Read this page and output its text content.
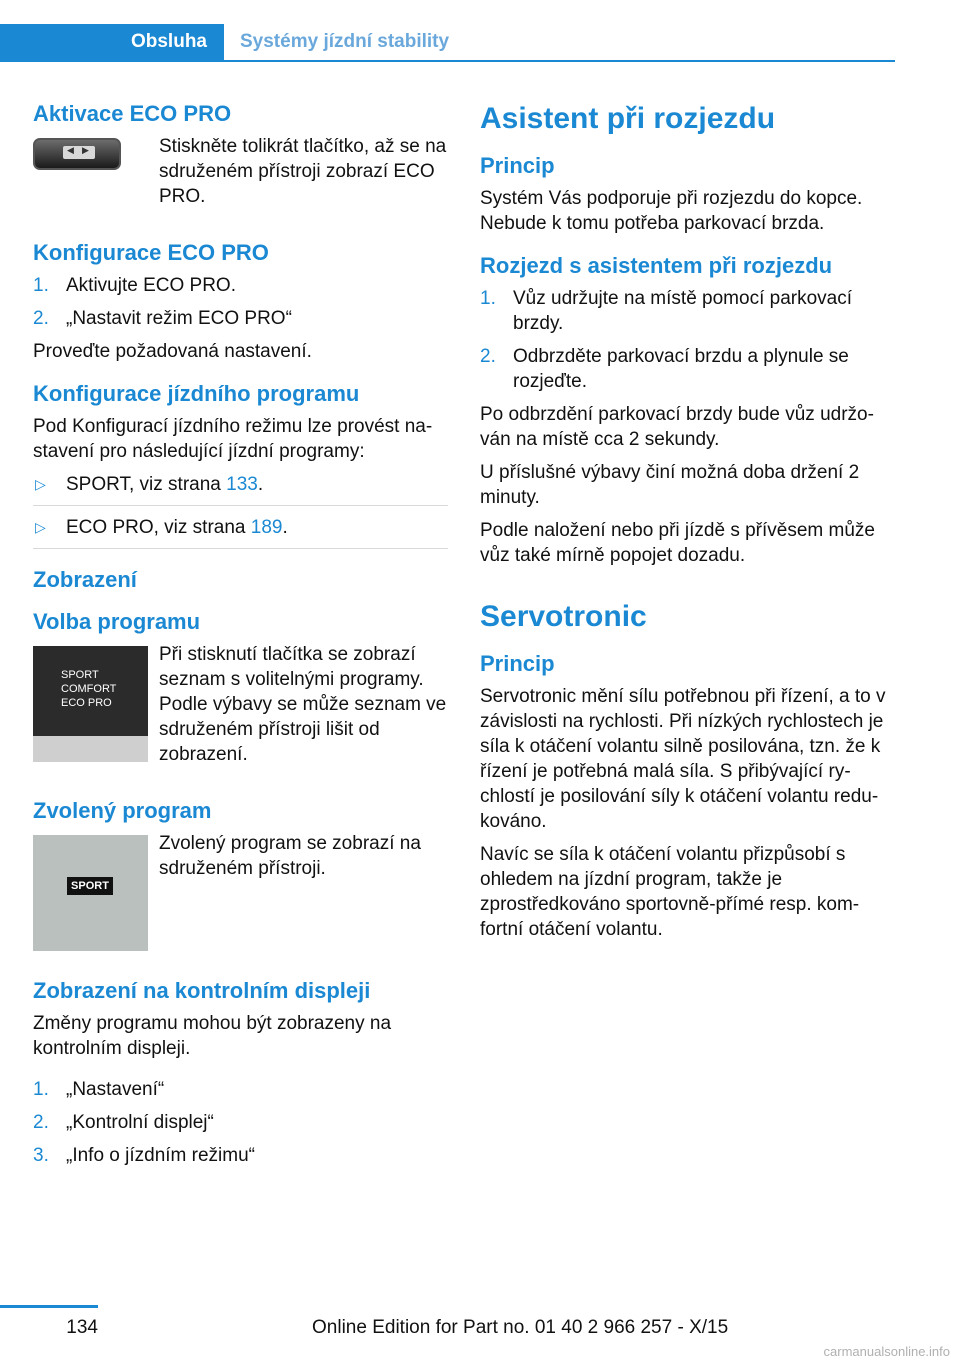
Obsluha	Systémy jízdní stability
Aktivace ECO PRO
◀ ▶	Stiskněte tolikrát tlačítko, až se na sdruženém přístroji zobrazí ECO PRO.

Konfigurace ECO PRO
1. Aktivujte ECO PRO.
2. „Nastavit režim ECO PRO“

Proveďte požadovaná nastavení.

Konfigurace jízdního programu

Pod Konfigurací jízdního režimu lze provést na-stavení pro následující jízdní programy:

▷ SPORT, viz strana 133.
▷ ECO PRO, viz strana 189.
Zobrazení
Volba programu
SPORT
COMFORT
ECO PRO

Při stisknutí tlačítka se zobrazí seznam s volitelnými programy. Podle výbavy se může seznam ve sdruženém přístroji lišit od zobrazení.

Zvolený program
SPORT

Zvolený program se zobrazí na sdruženém přístroji.

Zobrazení na kontrolním displeji

Změny programu mohou být zobrazeny na kontrolním displeji.

1. „Nastavení“
2. „Kontrolní displej“
3. „Info o jízdním režimu“
Asistent při rozjezdu
Princip

Systém Vás podporuje při rozjezdu do kopce. Nebude k tomu potřeba parkovací brzda.

Rozjezd s asistentem při rozjezdu
1. Vůz udržujte na místě pomocí parkovací brzdy.
2. Odbrzděte parkovací brzdu a plynule se rozjeďte.

Po odbrzdění parkovací brzdy bude vůz udržo-ván na místě cca 2 sekundy.

U příslušné výbavy činí možná doba držení 2 minuty.

Podle naložení nebo při jízdě s přívěsem může vůz také mírně popojet dozadu.

Servotronic
Princip

Servotronic mění sílu potřebnou při řízení, a to v závislosti na rychlosti. Při nízkých rychlostech je síla k otáčení volantu silně posilována, tzn. že k řízení je potřebná malá síla. S přibývající ry-chlostí je posilování síly k otáčení volantu redu-kováno.

Navíc se síla k otáčení volantu přizpůsobí s ohledem na jízdní program, takže je zprostředkováno sportovně-přímé resp. kom-fortní otáčení volantu.

134	Online Edition for Part no. 01 40 2 966 257 - X/15
carmanualsonline.info
